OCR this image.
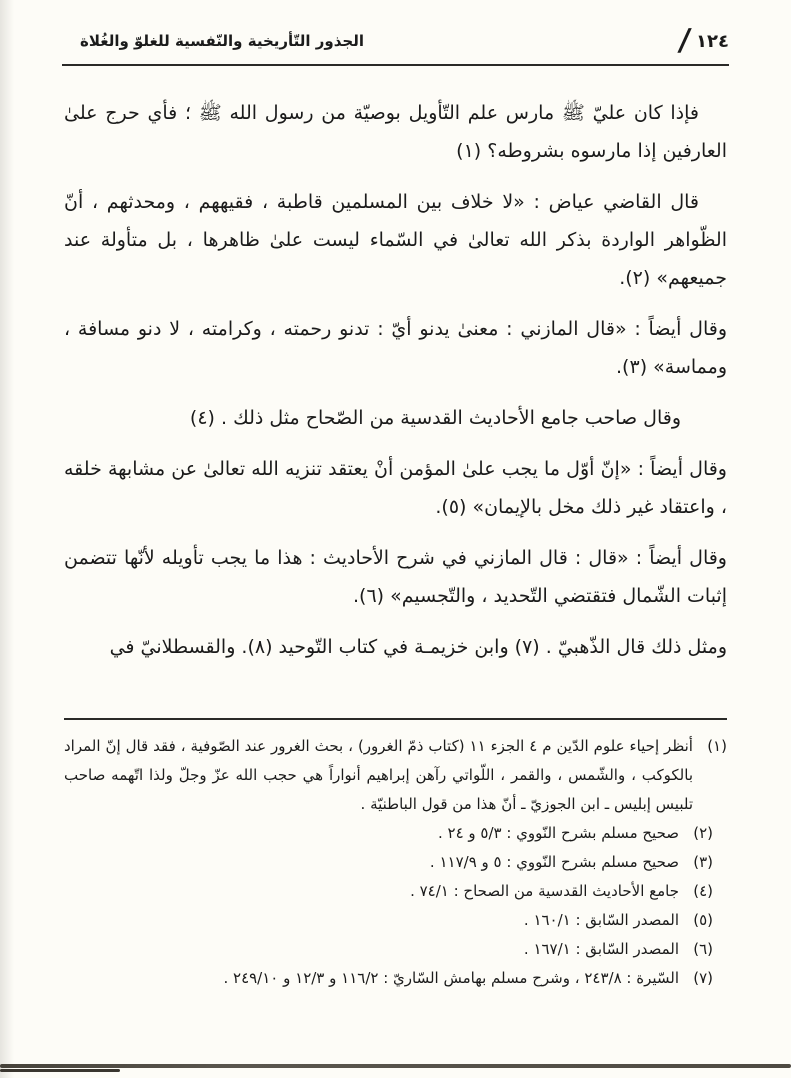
الجذور التّأريخية والنّفسية للغلوّ والغُلاة	/ ١٢٤

فإذا كان عليّ ﷺ مارس علم التّأويل بوصيّة من رسول الله ﷺ ؛ فأي حرج علىٰ العارفين إذا مارسوه بشروطه؟ (١)

قال القاضي عياض : «لا خلاف بين المسلمين قاطبة ، فقيههم ، ومحدثهم ، أنّ الظّواهر الواردة بذكر الله تعالىٰ في السّماء ليست علىٰ ظاهرها ، بل متأولة عند جميعهم» (٢).

وقال أيضاً : «قال المازني : معنىٰ يدنو أيّ : تدنو رحمته ، وكرامته ، لا دنو مسافة ، ومماسة» (٣).

وقال صاحب جامع الأحاديث القدسية من الصّحاح مثل ذلك . (٤)

وقال أيضاً : «إنّ أوّل ما يجب علىٰ المؤمن أنْ يعتقد تنزيه الله تعالىٰ عن مشابهة خلقه ، واعتقاد غير ذلك مخل بالإيمان» (٥).

وقال أيضاً : «قال : قال المازني في شرح الأحاديث : هذا ما يجب تأويله لأنّها تتضمن إثبات الشّمال فتقتضي التّحديد ، والتّجسيم» (٦).

ومثل ذلك قال الذّهبيّ . (٧) وابن خزيمـة في كتاب التّوحيد (٨). والقسطلانيّ في

(١)أنظر إحياء علوم الدّين م ٤ الجزء ١١ (كتاب ذمّ الغرور) ، بحث الغرور عند الصّوفية ، فقد قال إنّ المراد بالكوكب ، والشّمس ، والقمر ، اللّواتي رآهن إبراهيم أنواراً هي حجب الله عزّ وجلّ ولذا اتّهمه صاحب تلبيس إبليس ـ ابن الجوزيّ ـ أنّ هذا من قول الباطنيّة .
(٢)صحيح مسلم بشرح النّووي : ٥/٣ و ٢٤ .
(٣)صحيح مسلم بشرح النّووي : ٥ و ١١٧/٩ .
(٤)جامع الأحاديث القدسية من الصحاح : ٧٤/١ .
(٥)المصدر السّابق : ١٦٠/١ .
(٦)المصدر السّابق : ١٦٧/١ .
(٧)السّيرة : ٢٤٣/٨ ، وشرح مسلم بهامش السّاريّ : ١١٦/٢ و ١٢/٣ و ٢٤٩/١٠ .
